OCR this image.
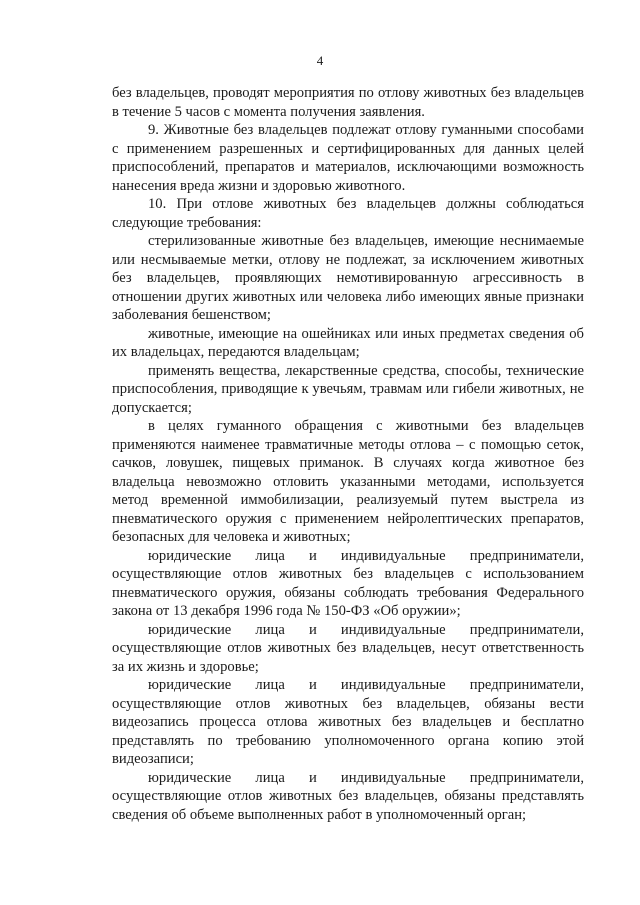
4

без владельцев, проводят мероприятия по отлову животных без владельцев в течение 5 часов с момента получения заявления.

9. Животные без владельцев подлежат отлову гуманными способами с применением разрешенных и сертифицированных для данных целей приспособлений, препаратов и материалов, исключающими возможность нанесения вреда жизни и здоровью животного.

10. При отлове животных без владельцев должны соблюдаться следующие требования:

стерилизованные животные без владельцев, имеющие неснимаемые или несмываемые метки, отлову не подлежат, за исключением животных без владельцев, проявляющих немотивированную агрессивность в отношении других животных или человека либо имеющих явные признаки заболевания бешенством;

животные, имеющие на ошейниках или иных предметах сведения об их владельцах, передаются владельцам;

применять вещества, лекарственные средства, способы, технические приспособления, приводящие к увечьям, травмам или гибели животных, не допускается;

в целях гуманного обращения с животными без владельцев применяются наименее травматичные методы отлова – с помощью сеток, сачков, ловушек, пищевых приманок. В случаях когда животное без владельца невозможно отловить указанными методами, используется метод временной иммобилизации, реализуемый путем выстрела из пневматического оружия с применением нейролептических препаратов, безопасных для человека и животных;

юридические лица и индивидуальные предприниматели, осуществляющие отлов животных без владельцев с использованием пневматического оружия, обязаны соблюдать требования Федерального закона от 13 декабря 1996 года № 150-ФЗ «Об оружии»;

юридические лица и индивидуальные предприниматели, осуществляющие отлов животных без владельцев, несут ответственность за их жизнь и здоровье;

юридические лица и индивидуальные предприниматели, осуществляющие отлов животных без владельцев, обязаны вести видеозапись процесса отлова животных без владельцев и бесплатно представлять по требованию уполномоченного органа копию этой видеозаписи;

юридические лица и индивидуальные предприниматели, осуществляющие отлов животных без владельцев, обязаны представлять сведения об объеме выполненных работ в уполномоченный орган;
